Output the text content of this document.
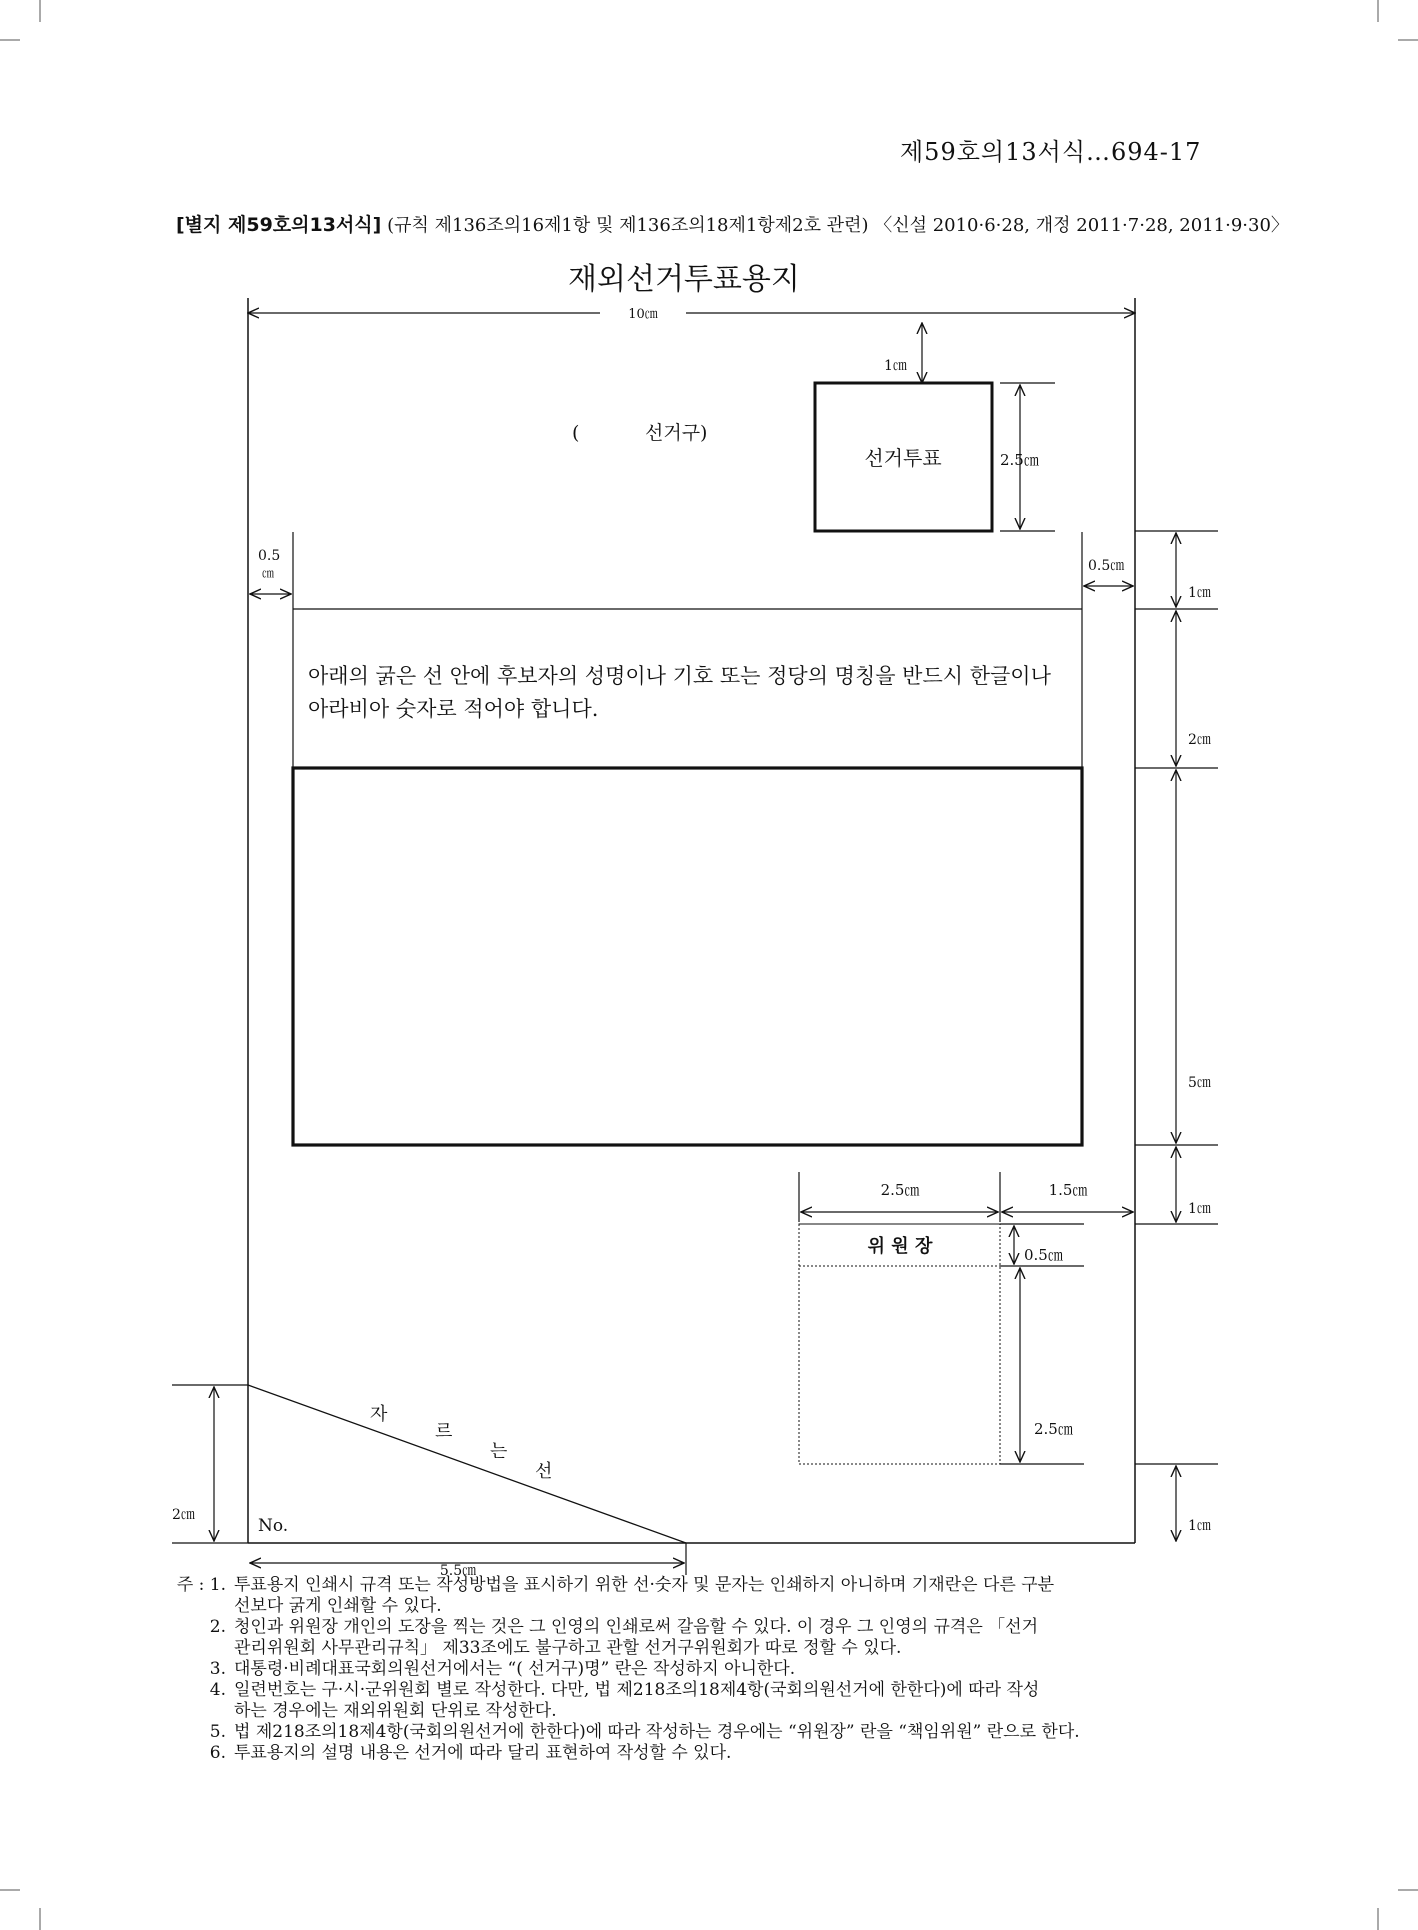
제59호의13서식…694-17
[별지 제59호의13서식] (규칙 제136조의16제1항 및 제136조의18제1항제2호 관련) 〈신설 2010·6·28, 개정 2011·7·28, 2011·9·30〉
재외선거투표용지
10㎝
1㎝
2.5㎝
0.5
㎝	0.5㎝
1㎝
2㎝
5㎝
1㎝
1㎝
2.5㎝	1.5㎝
0.5㎝
2.5㎝
2㎝
5.5㎝
(	선거구)
선거투표
아래의 굵은 선 안에 후보자의 성명이나 기호 또는 정당의 명칭을 반드시 한글이나
아라비아 숫자로 적어야 합니다.
위 원 장
자
르
는
선
No.
주 : 1. 투표용지 인쇄시 규격 또는 작성방법을 표시하기 위한 선·숫자 및 문자는 인쇄하지 아니하며 기재란은 다른 구분
선보다 굵게 인쇄할 수 있다.
2. 청인과 위원장 개인의 도장을 찍는 것은 그 인영의 인쇄로써 갈음할 수 있다. 이 경우 그 인영의 규격은 「선거
관리위원회 사무관리규칙」 제33조에도 불구하고 관할 선거구위원회가 따로 정할 수 있다.
3. 대통령·비례대표국회의원선거에서는 “( 선거구)명” 란은 작성하지 아니한다.
4. 일련번호는 구·시·군위원회 별로 작성한다. 다만, 법 제218조의18제4항(국회의원선거에 한한다)에 따라 작성
하는 경우에는 재외위원회 단위로 작성한다.
5. 법 제218조의18제4항(국회의원선거에 한한다)에 따라 작성하는 경우에는 “위원장” 란을 “책임위원” 란으로 한다.
6. 투표용지의 설명 내용은 선거에 따라 달리 표현하여 작성할 수 있다.
